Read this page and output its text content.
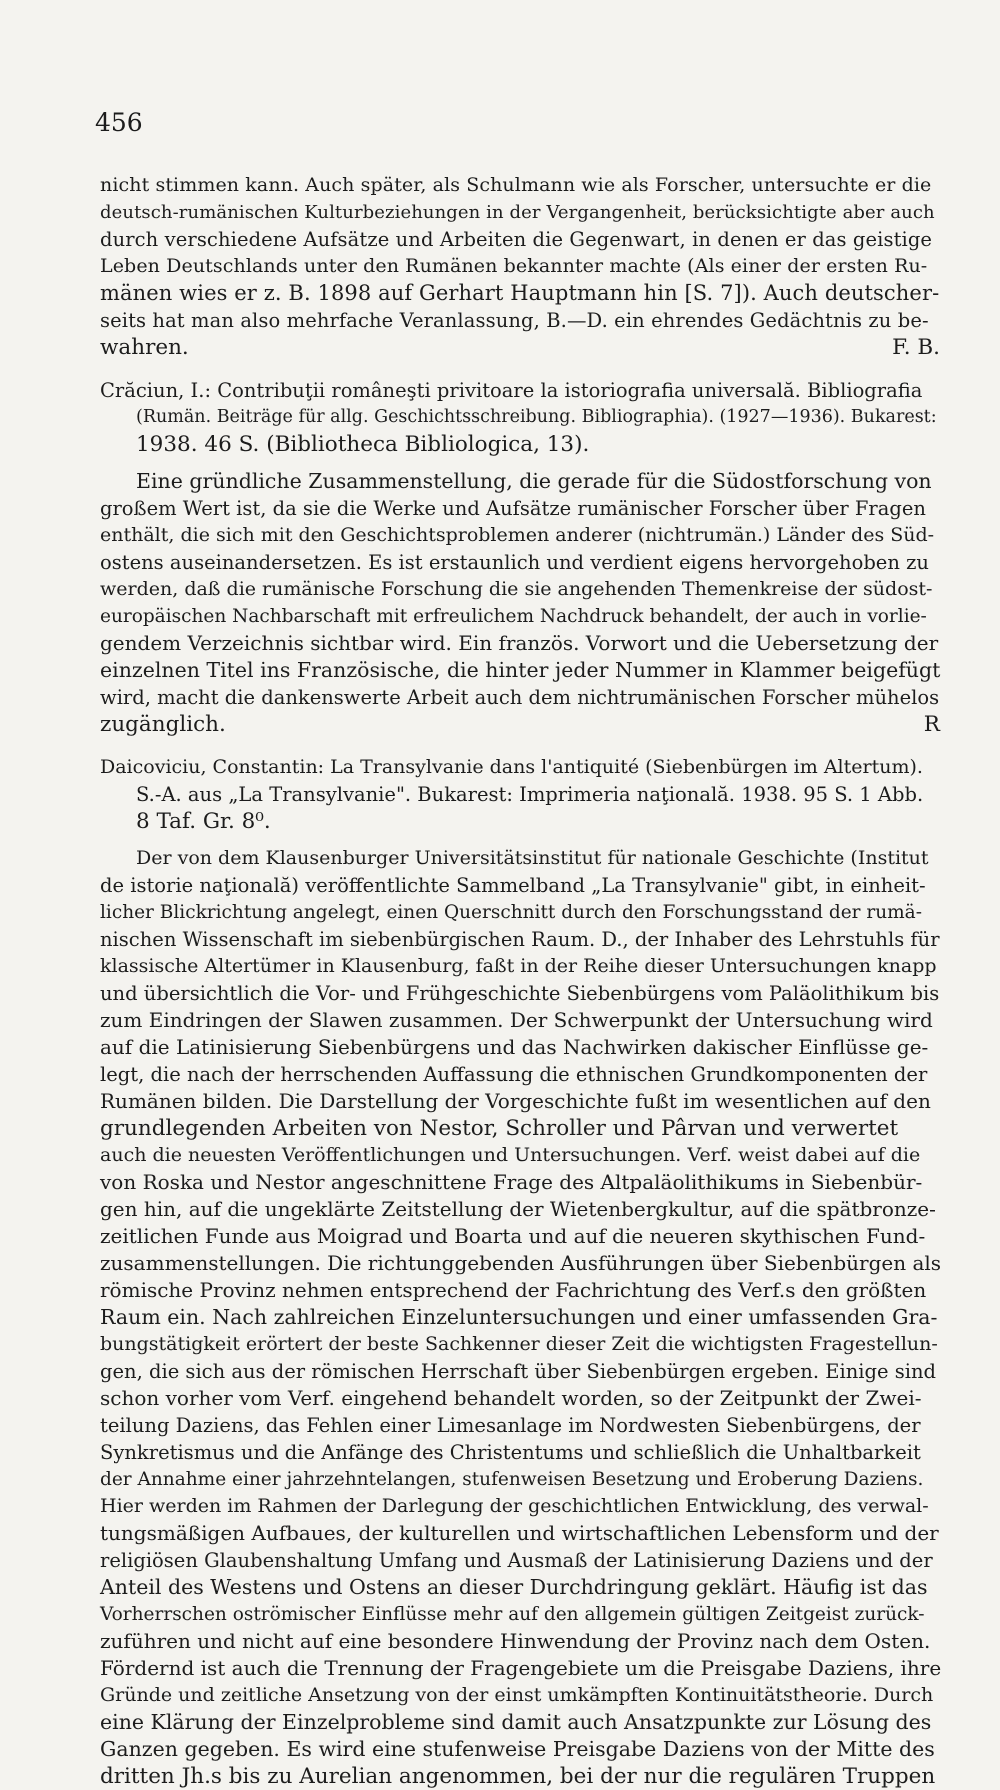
456
nicht stimmen kann. Auch später, als Schulmann wie als Forscher, untersuchte er die
deutsch-rumänischen Kulturbeziehungen in der Vergangenheit, berücksichtigte aber auch
durch verschiedene Aufsätze und Arbeiten die Gegenwart, in denen er das geistige
Leben Deutschlands unter den Rumänen bekannter machte (Als einer der ersten Ru-
mänen wies er z. B. 1898 auf Gerhart Hauptmann hin [S. 7]). Auch deutscher-
seits hat man also mehrfache Veranlassung, B.—D. ein ehrendes Gedächtnis zu be-
wahren.	F. B.
Crăciun, I.: Contribuţii româneşti privitoare la istoriografia universală. Bibliografia
(Rumän. Beiträge für allg. Geschichtsschreibung. Bibliographia). (1927—1936). Bukarest:
1938. 46 S. (Bibliotheca Bibliologica, 13).
Eine gründliche Zusammenstellung, die gerade für die Südostforschung von
großem Wert ist, da sie die Werke und Aufsätze rumänischer Forscher über Fragen
enthält, die sich mit den Geschichtsproblemen anderer (nichtrumän.) Länder des Süd-
ostens auseinandersetzen. Es ist erstaunlich und verdient eigens hervorgehoben zu
werden, daß die rumänische Forschung die sie angehenden Themenkreise der südost-
europäischen Nachbarschaft mit erfreulichem Nachdruck behandelt, der auch in vorlie-
gendem Verzeichnis sichtbar wird. Ein französ. Vorwort und die Uebersetzung der
einzelnen Titel ins Französische, die hinter jeder Nummer in Klammer beigefügt
wird, macht die dankenswerte Arbeit auch dem nichtrumänischen Forscher mühelos
zugänglich.	R
Daicoviciu, Constantin: La Transylvanie dans l'antiquité (Siebenbürgen im Altertum).
S.-A. aus „La Transylvanie". Bukarest: Imprimeria naţională. 1938. 95 S. 1 Abb.
8 Taf. Gr. 8⁰.
Der von dem Klausenburger Universitätsinstitut für nationale Geschichte (Institut
de istorie naţională) veröffentlichte Sammelband „La Transylvanie" gibt, in einheit-
licher Blickrichtung angelegt, einen Querschnitt durch den Forschungsstand der rumä-
nischen Wissenschaft im siebenbürgischen Raum. D., der Inhaber des Lehrstuhls für
klassische Altertümer in Klausenburg, faßt in der Reihe dieser Untersuchungen knapp
und übersichtlich die Vor- und Frühgeschichte Siebenbürgens vom Paläolithikum bis
zum Eindringen der Slawen zusammen. Der Schwerpunkt der Untersuchung wird
auf die Latinisierung Siebenbürgens und das Nachwirken dakischer Einflüsse ge-
legt, die nach der herrschenden Auffassung die ethnischen Grundkomponenten der
Rumänen bilden. Die Darstellung der Vorgeschichte fußt im wesentlichen auf den
grundlegenden Arbeiten von Nestor, Schroller und Pârvan und verwertet
auch die neuesten Veröffentlichungen und Untersuchungen. Verf. weist dabei auf die
von Roska und Nestor angeschnittene Frage des Altpaläolithikums in Siebenbür-
gen hin, auf die ungeklärte Zeitstellung der Wietenbergkultur, auf die spätbronze-
zeitlichen Funde aus Moigrad und Boarta und auf die neueren skythischen Fund-
zusammenstellungen. Die richtunggebenden Ausführungen über Siebenbürgen als
römische Provinz nehmen entsprechend der Fachrichtung des Verf.s den größten
Raum ein. Nach zahlreichen Einzeluntersuchungen und einer umfassenden Gra-
bungstätigkeit erörtert der beste Sachkenner dieser Zeit die wichtigsten Fragestellun-
gen, die sich aus der römischen Herrschaft über Siebenbürgen ergeben. Einige sind
schon vorher vom Verf. eingehend behandelt worden, so der Zeitpunkt der Zwei-
teilung Daziens, das Fehlen einer Limesanlage im Nordwesten Siebenbürgens, der
Synkretismus und die Anfänge des Christentums und schließlich die Unhaltbarkeit
der Annahme einer jahrzehntelangen, stufenweisen Besetzung und Eroberung Daziens.
Hier werden im Rahmen der Darlegung der geschichtlichen Entwicklung, des verwal-
tungsmäßigen Aufbaues, der kulturellen und wirtschaftlichen Lebensform und der
religiösen Glaubenshaltung Umfang und Ausmaß der Latinisierung Daziens und der
Anteil des Westens und Ostens an dieser Durchdringung geklärt. Häufig ist das
Vorherrschen oströmischer Einflüsse mehr auf den allgemein gültigen Zeitgeist zurück-
zuführen und nicht auf eine besondere Hinwendung der Provinz nach dem Osten.
Fördernd ist auch die Trennung der Fragengebiete um die Preisgabe Daziens, ihre
Gründe und zeitliche Ansetzung von der einst umkämpften Kontinuitätstheorie. Durch
eine Klärung der Einzelprobleme sind damit auch Ansatzpunkte zur Lösung des
Ganzen gegeben. Es wird eine stufenweise Preisgabe Daziens von der Mitte des
dritten Jh.s bis zu Aurelian angenommen, bei der nur die regulären Truppen
